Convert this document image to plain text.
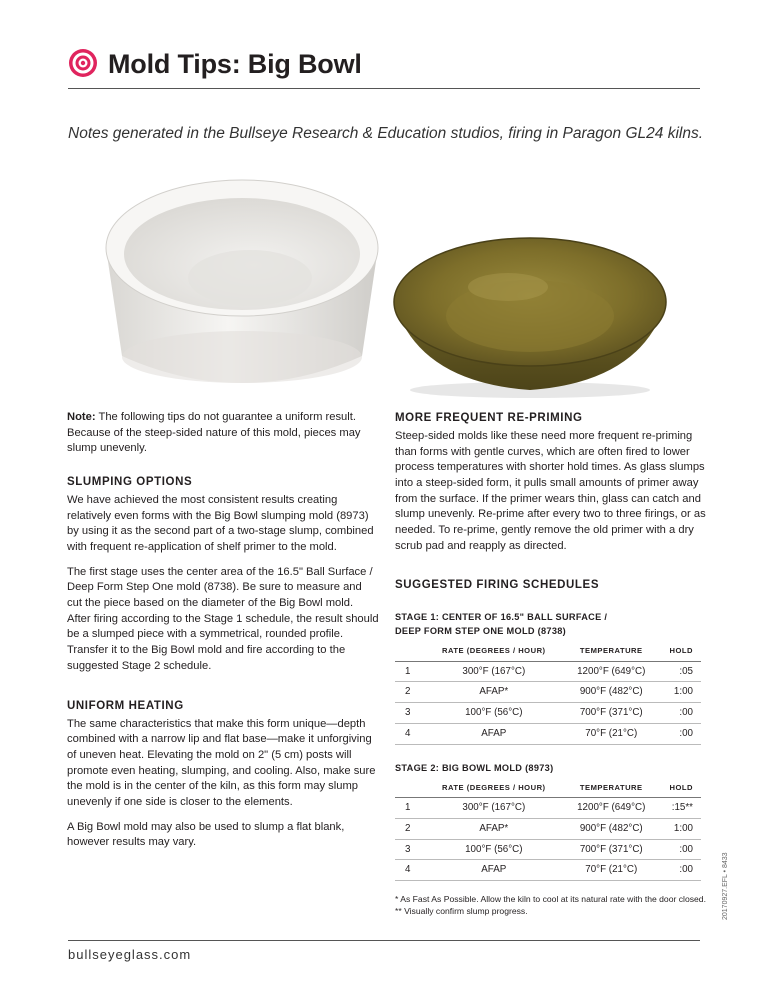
Mold Tips: Big Bowl
Notes generated in the Bullseye Research & Education studios, firing in Paragon GL24 kilns.

Note: The following tips do not guarantee a uniform result. Because of the steep-sided nature of this mold, pieces may slump unevenly.

SLUMPING OPTIONS

We have achieved the most consistent results creating relatively even forms with the Big Bowl slumping mold (8973) by using it as the second part of a two-stage slump, combined with frequent re-application of shelf primer to the mold.

The first stage uses the center area of the 16.5" Ball Surface / Deep Form Step One mold (8738). Be sure to measure and cut the piece based on the diameter of the Big Bowl mold. After firing according to the Stage 1 schedule, the result should be a slumped piece with a symmetrical, rounded profile. Transfer it to the Big Bowl mold and fire according to the suggested Stage 2 schedule.

UNIFORM HEATING

The same characteristics that make this form unique—depth combined with a narrow lip and flat base—make it unforgiving of uneven heat. Elevating the mold on 2" (5 cm) posts will promote even heating, slumping, and cooling. Also, make sure the mold is in the center of the kiln, as this form may slump unevenly if one side is closer to the elements.

A Big Bowl mold may also be used to slump a flat blank, however results may vary.

MORE FREQUENT RE-PRIMING

Steep-sided molds like these need more frequent re-priming than forms with gentle curves, which are often fired to lower process temperatures with shorter hold times. As glass slumps into a steep-sided form, it pulls small amounts of primer away from the surface. If the primer wears thin, glass can catch and slump unevenly. Re-prime after every two to three firings, or as needed. To re-prime, gently remove the old primer with a dry scrub pad and reapply as directed.

SUGGESTED FIRING SCHEDULES
STAGE 1: CENTER OF 16.5" BALL SURFACE /
DEEP FORM STEP ONE MOLD (8738)
	RATE (DEGREES / HOUR)	TEMPERATURE	HOLD
1	300°F (167°C)	1200°F (649°C)	:05
2	AFAP*	900°F (482°C)	1:00
3	100°F (56°C)	700°F (371°C)	:00
4	AFAP	70°F (21°C)	:00
STAGE 2: BIG BOWL MOLD (8973)
	RATE (DEGREES / HOUR)	TEMPERATURE	HOLD
1	300°F (167°C)	1200°F (649°C)	:15**
2	AFAP*	900°F (482°C)	1:00
3	100°F (56°C)	700°F (371°C)	:00
4	AFAP	70°F (21°C)	:00
* As Fast As Possible. Allow the kiln to cool at its natural rate with the door closed.
** Visually confirm slump progress.	20170927.EFL • 8433
bullseyeglass.com
